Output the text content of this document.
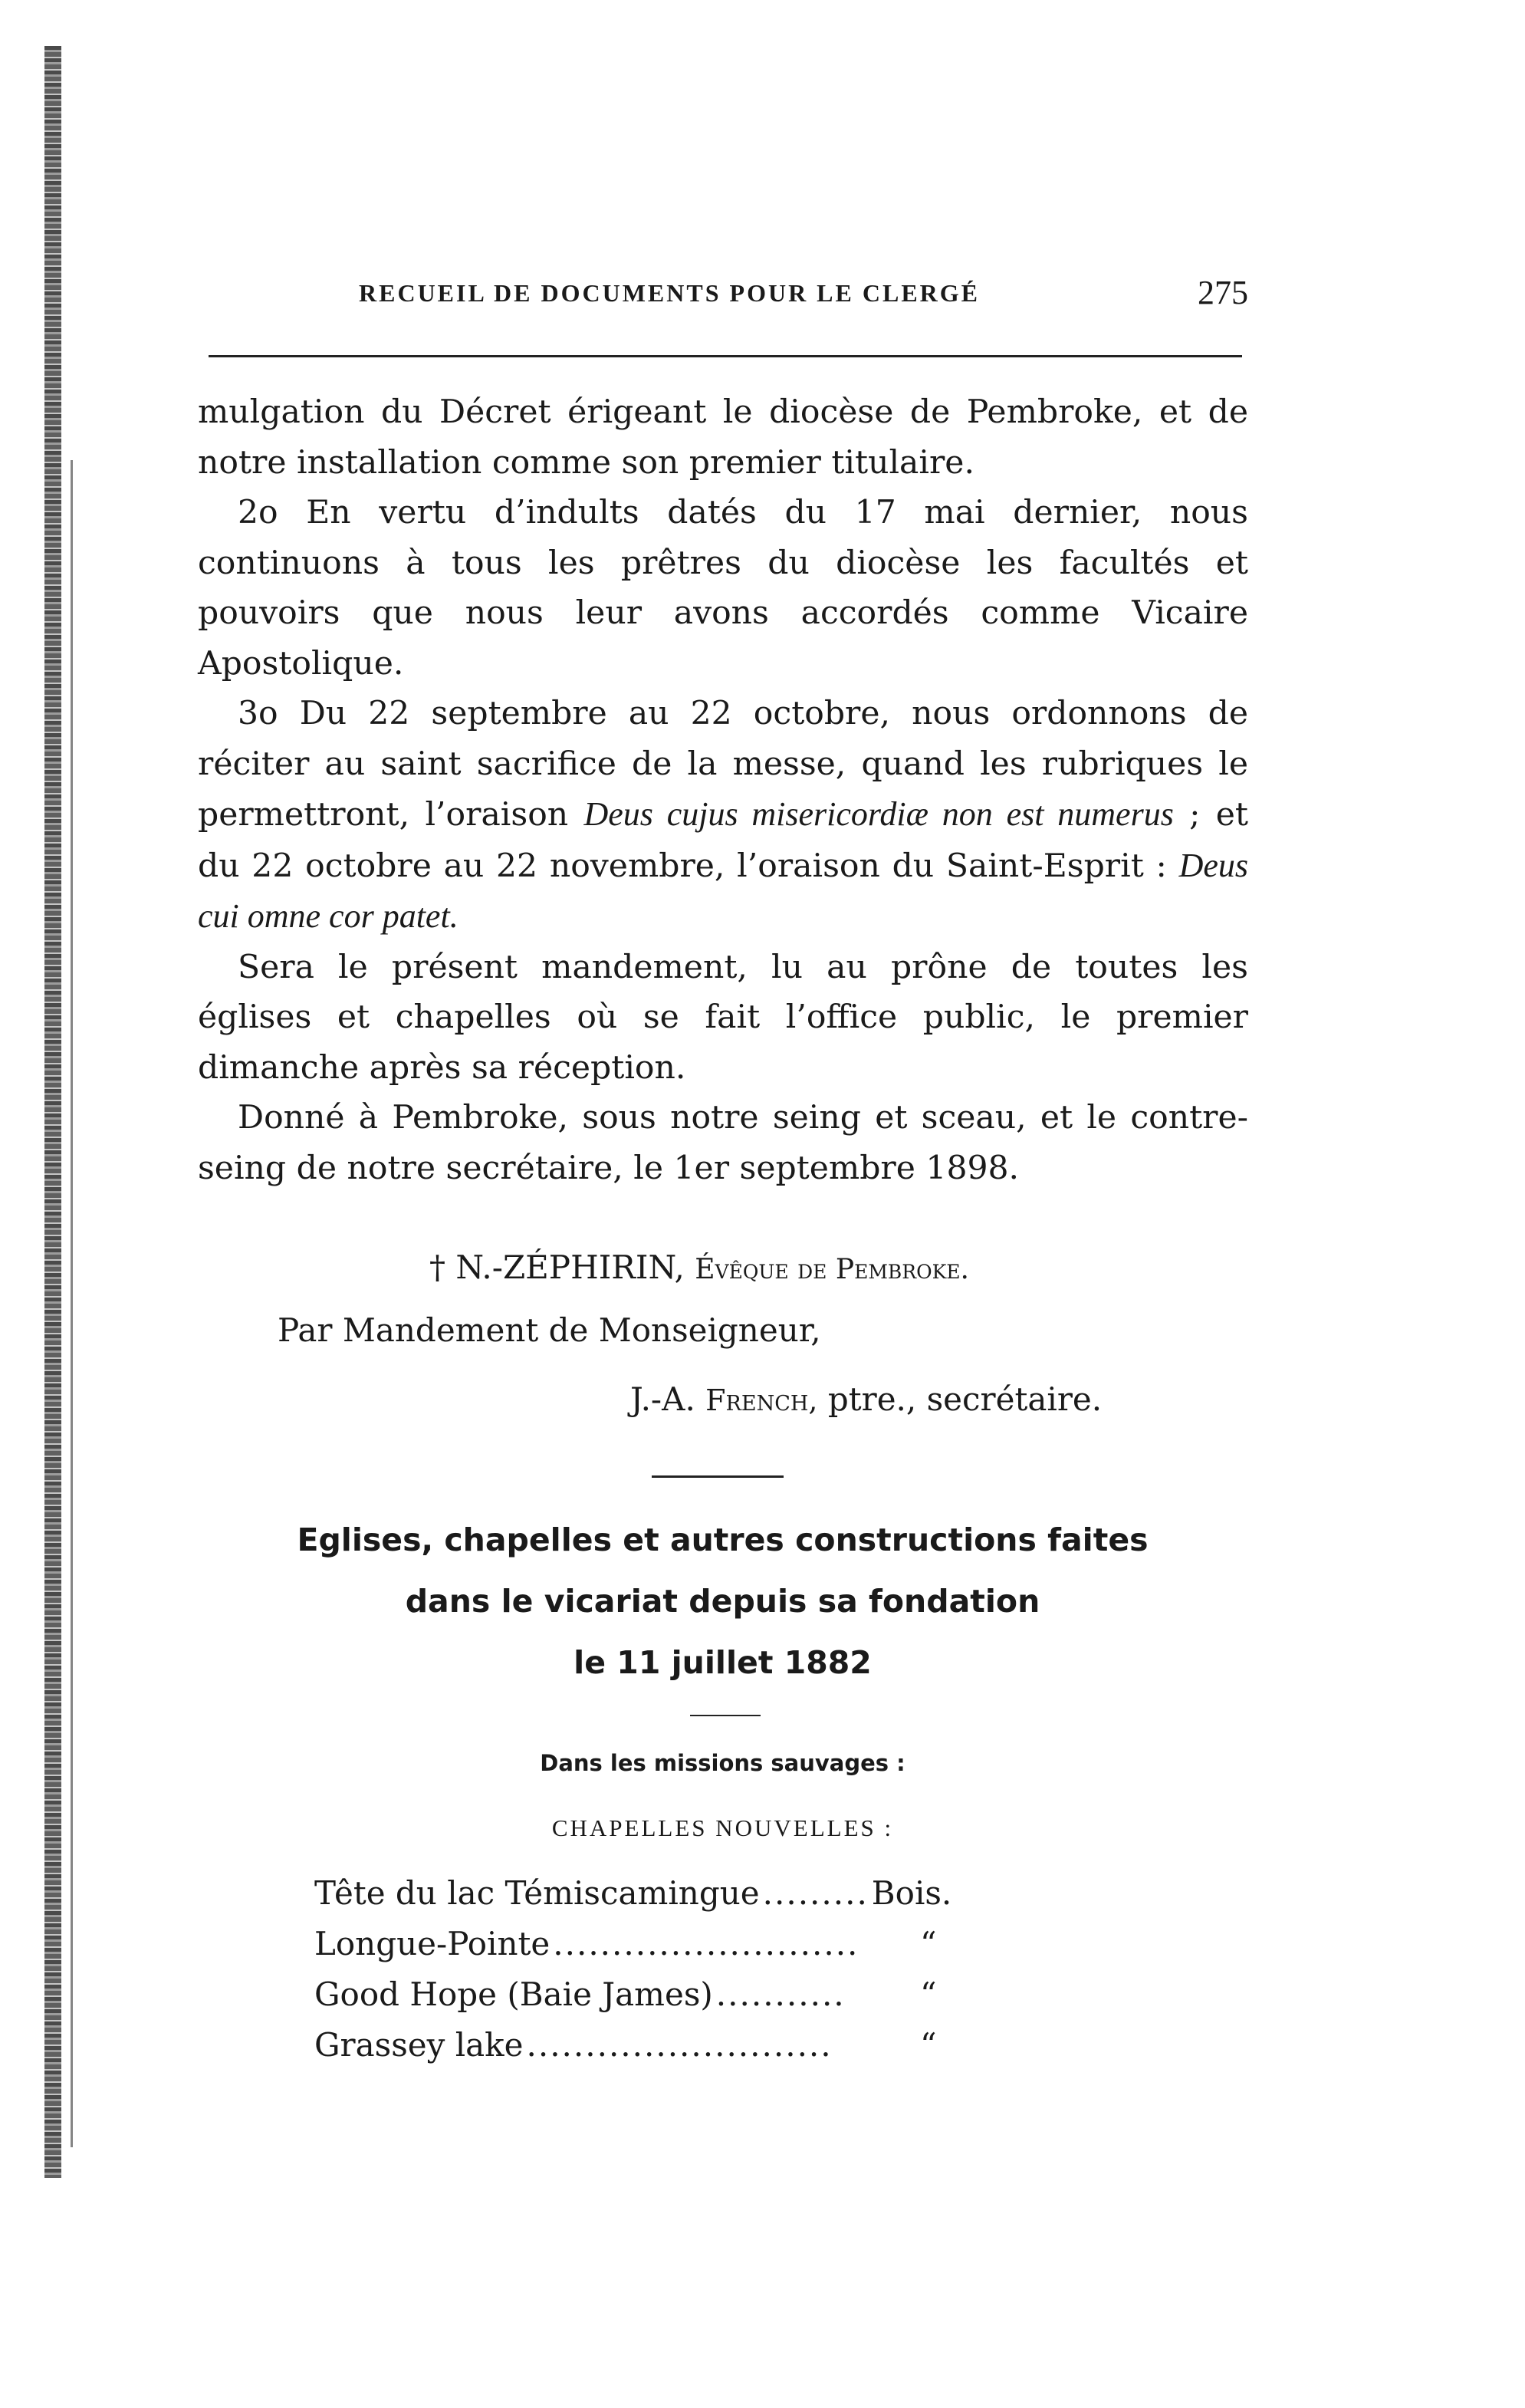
RECUEIL DE DOCUMENTS POUR LE CLERGÉ	275

mulgation du Décret érigeant le diocèse de Pembroke, et de notre installation comme son premier titulaire.

2o En vertu d’indults datés du 17 mai dernier, nous continuons à tous les prêtres du diocèse les facultés et pouvoirs que nous leur avons accordés comme Vicaire Apostolique.

3o Du 22 septembre au 22 octobre, nous ordonnons de réciter au saint sacrifice de la messe, quand les rubriques le permettront, l’oraison Deus cujus misericordiæ non est numerus ; et du 22 octobre au 22 novembre, l’oraison du Saint-Esprit : Deus cui omne cor patet.

Sera le présent mandement, lu au prône de toutes les églises et chapelles où se fait l’office public, le premier dimanche après sa réception.

Donné à Pembroke, sous notre seing et sceau, et le contre-seing de notre secrétaire, le 1er septembre 1898.

† N.-ZÉPHIRIN, Évêque de Pembroke.
Par Mandement de Monseigneur,
J.-A. French, ptre., secrétaire.
Eglises, chapelles et autres constructions faites
dans le vicariat depuis sa fondation
le 11 juillet 1882
Dans les missions sauvages :
CHAPELLES NOUVELLES :
Tête du lac Témiscamingue ......... Bois.
Longue-Pointe ..........................	“
Good Hope (Baie James) ...........	“
Grassey lake ..........................	“
